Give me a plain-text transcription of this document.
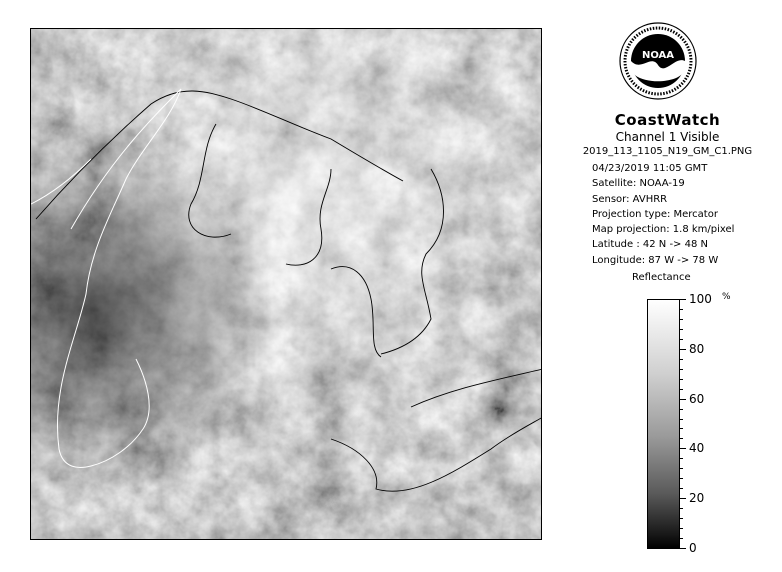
NOAA
CoastWatch
Channel 1 Visible
2019_113_1105_N19_GM_C1.PNG
04/23/2019 11:05 GMT
Satellite: NOAA-19
Sensor: AVHRR
Projection type: Mercator
Map projection: 1.8 km/pixel
Latitude : 42 N -> 48 N
Longitude: 87 W -> 78 W
Reflectance
%
100
80
60
40
20
0
